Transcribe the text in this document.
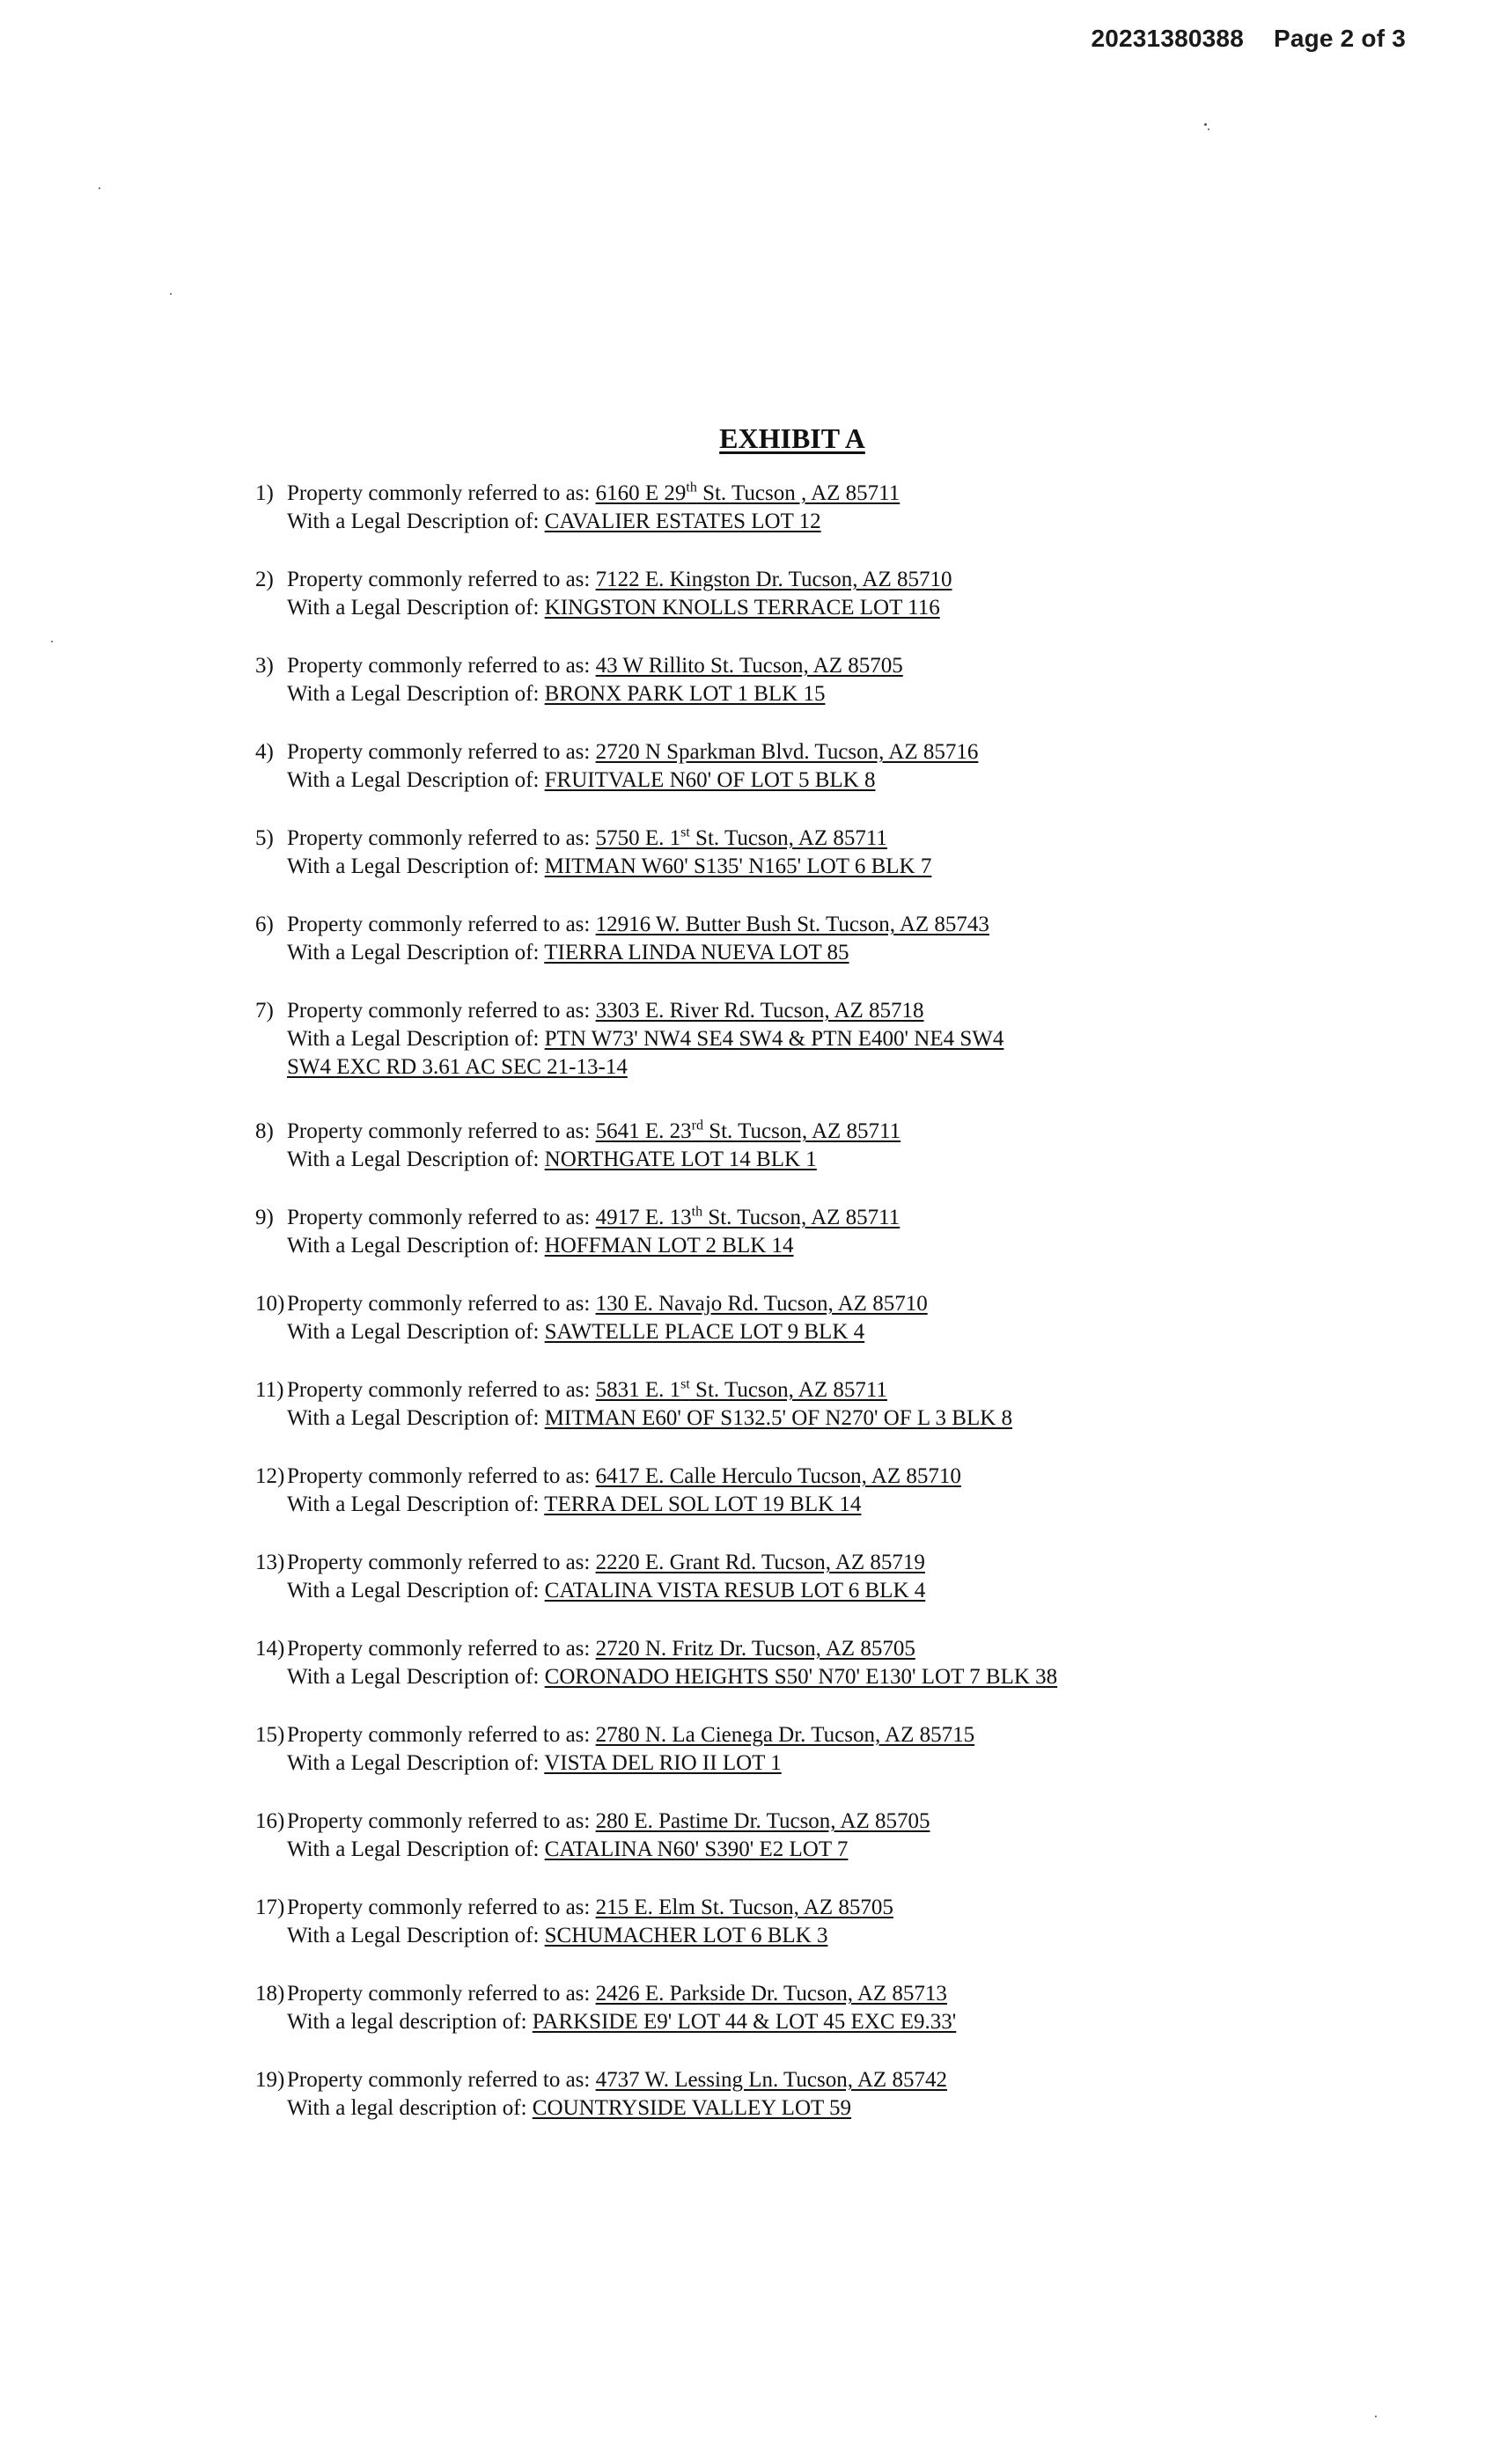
20231380388 Page 2 of 3
EXHIBIT A
1) Property commonly referred to as: 6160 E 29th St. Tucson , AZ 85711
With a Legal Description of: CAVALIER ESTATES LOT 12
2) Property commonly referred to as: 7122 E. Kingston Dr. Tucson, AZ 85710
With a Legal Description of: KINGSTON KNOLLS TERRACE LOT 116
3) Property commonly referred to as: 43 W Rillito St. Tucson, AZ 85705
With a Legal Description of: BRONX PARK LOT 1 BLK 15
4) Property commonly referred to as: 2720 N Sparkman Blvd. Tucson, AZ 85716
With a Legal Description of: FRUITVALE N60' OF LOT 5 BLK 8
5) Property commonly referred to as: 5750 E. 1st St. Tucson, AZ 85711
With a Legal Description of: MITMAN W60' S135' N165' LOT 6 BLK 7
6) Property commonly referred to as: 12916 W. Butter Bush St. Tucson, AZ 85743
With a Legal Description of: TIERRA LINDA NUEVA LOT 85
7) Property commonly referred to as: 3303 E. River Rd. Tucson, AZ 85718
With a Legal Description of: PTN W73' NW4 SE4 SW4 & PTN E400' NE4 SW4
SW4 EXC RD 3.61 AC SEC 21-13-14
8) Property commonly referred to as: 5641 E. 23rd St. Tucson, AZ 85711
With a Legal Description of: NORTHGATE LOT 14 BLK 1
9) Property commonly referred to as: 4917 E. 13th St. Tucson, AZ 85711
With a Legal Description of: HOFFMAN LOT 2 BLK 14
10) Property commonly referred to as: 130 E. Navajo Rd. Tucson, AZ 85710
With a Legal Description of: SAWTELLE PLACE LOT 9 BLK 4
11) Property commonly referred to as: 5831 E. 1st St. Tucson, AZ 85711
With a Legal Description of: MITMAN E60' OF S132.5' OF N270' OF L 3 BLK 8
12) Property commonly referred to as: 6417 E. Calle Herculo Tucson, AZ 85710
With a Legal Description of: TERRA DEL SOL LOT 19 BLK 14
13) Property commonly referred to as: 2220 E. Grant Rd. Tucson, AZ 85719
With a Legal Description of: CATALINA VISTA RESUB LOT 6 BLK 4
14) Property commonly referred to as: 2720 N. Fritz Dr. Tucson, AZ 85705
With a Legal Description of: CORONADO HEIGHTS S50' N70' E130' LOT 7 BLK 38
15) Property commonly referred to as: 2780 N. La Cienega Dr. Tucson, AZ 85715
With a Legal Description of: VISTA DEL RIO II LOT 1
16) Property commonly referred to as: 280 E. Pastime Dr. Tucson, AZ 85705
With a Legal Description of: CATALINA N60' S390' E2 LOT 7
17) Property commonly referred to as: 215 E. Elm St. Tucson, AZ 85705
With a Legal Description of: SCHUMACHER LOT 6 BLK 3
18) Property commonly referred to as: 2426 E. Parkside Dr. Tucson, AZ 85713
With a legal description of: PARKSIDE E9' LOT 44 & LOT 45 EXC E9.33'
19) Property commonly referred to as: 4737 W. Lessing Ln. Tucson, AZ 85742
With a legal description of: COUNTRYSIDE VALLEY LOT 59
